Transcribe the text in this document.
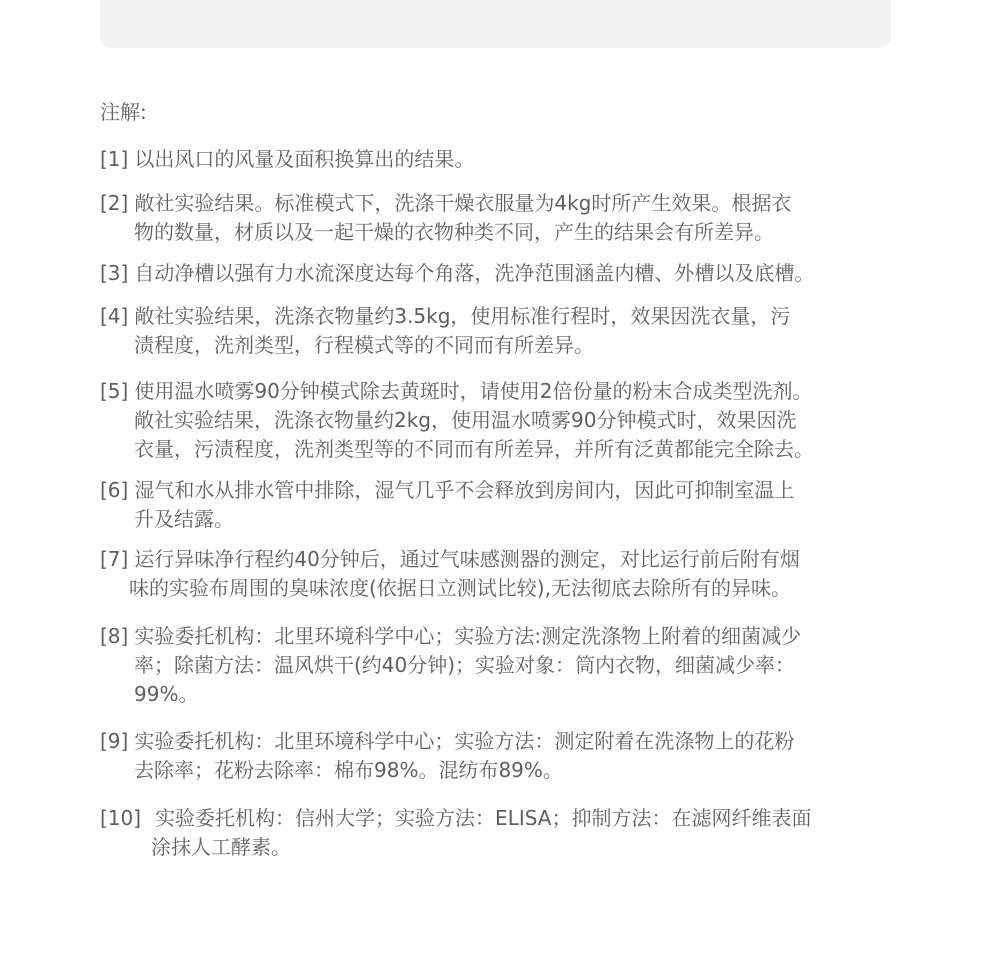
注解:
[1] 以出风口的风量及面积换算出的结果。
[2] 敞社实验结果。标准模式下，洗涤干燥衣服量为4kg时所产生效果。根据衣
物的数量，材质以及一起干燥的衣物种类不同，产生的结果会有所差异。
[3] 自动净槽以强有力水流深度达每个角落，洗净范围涵盖内槽、外槽以及底槽。
[4] 敞社实验结果，洗涤衣物量约3.5kg，使用标准行程时，效果因洗衣量，污
渍程度，洗剂类型，行程模式等的不同而有所差异。
[5] 使用温水喷雾90分钟模式除去黄斑时，请使用2倍份量的粉末合成类型洗剂。
敞社实验结果，洗涤衣物量约2kg，使用温水喷雾90分钟模式时，效果因洗
衣量，污渍程度，洗剂类型等的不同而有所差异，并所有泛黄都能完全除去。
[6] 湿气和水从排水管中排除，湿气几乎不会释放到房间内，因此可抑制室温上
升及结露。
[7] 运行异味净行程约40分钟后，通过气味感测器的测定，对比运行前后附有烟
味的实验布周围的臭味浓度(依据日立测试比较),无法彻底去除所有的异味。
[8] 实验委托机构：北里环境科学中心；实验方法:测定洗涤物上附着的细菌减少
率；除菌方法：温风烘干(约40分钟)；实验对象：筒内衣物，细菌减少率：
99%。
[9] 实验委托机构：北里环境科学中心；实验方法：测定附着在洗涤物上的花粉
去除率；花粉去除率：棉布98%。混纺布89%。
[10] 实验委托机构：信州大学；实验方法：ELISA；抑制方法：在滤网纤维表面
涂抹人工酵素。
